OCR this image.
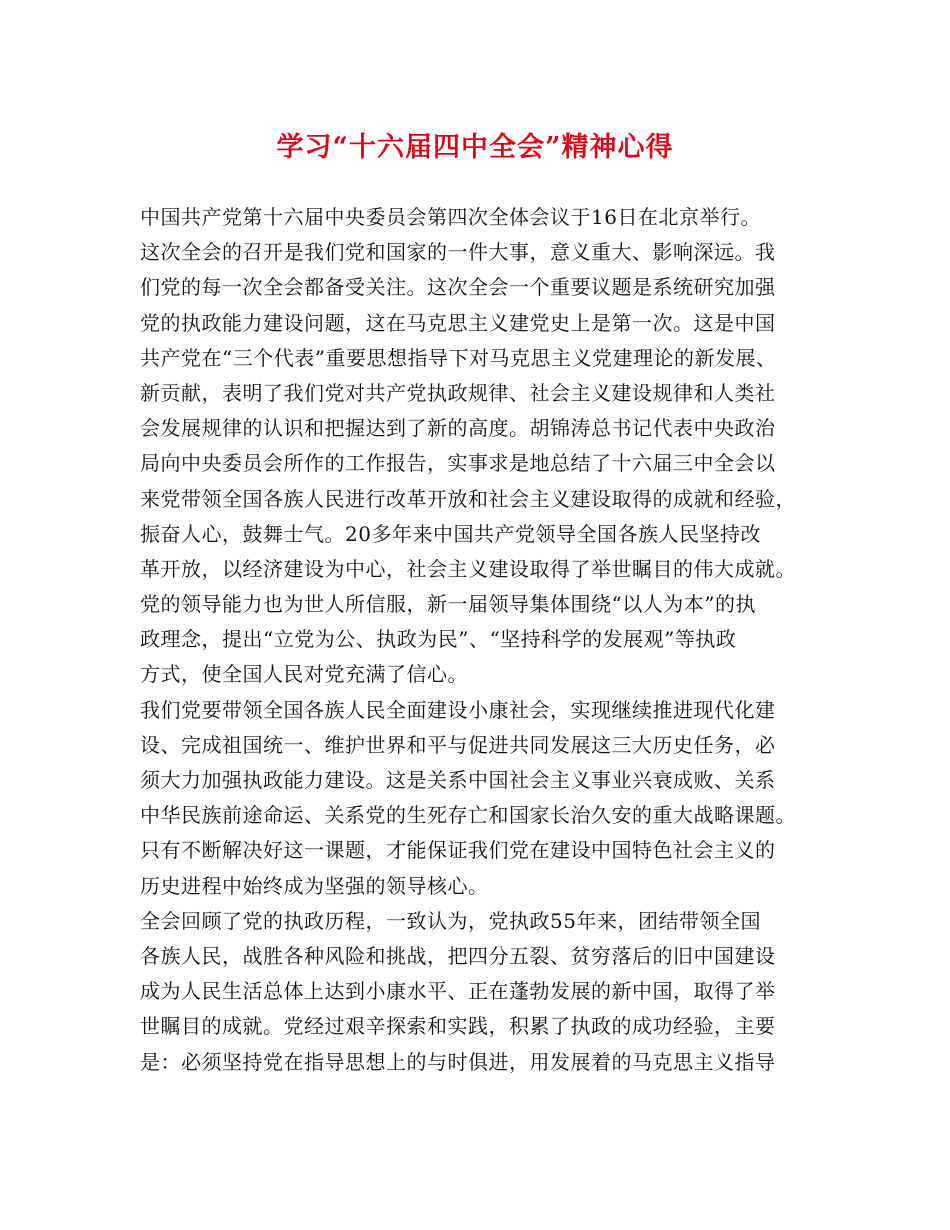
学习“十六届四中全会”精神心得
中国共产党第十六届中央委员会第四次全体会议于16日在北京举行。
这次全会的召开是我们党和国家的一件大事，意义重大、影响深远。我
们党的每一次全会都备受关注。这次全会一个重要议题是系统研究加强
党的执政能力建设问题，这在马克思主义建党史上是第一次。这是中国
共产党在“三个代表”重要思想指导下对马克思主义党建理论的新发展、
新贡献，表明了我们党对共产党执政规律、社会主义建设规律和人类社
会发展规律的认识和把握达到了新的高度。胡锦涛总书记代表中央政治
局向中央委员会所作的工作报告，实事求是地总结了十六届三中全会以
来党带领全国各族人民进行改革开放和社会主义建设取得的成就和经验，
振奋人心，鼓舞士气。20多年来中国共产党领导全国各族人民坚持改
革开放，以经济建设为中心，社会主义建设取得了举世瞩目的伟大成就。
党的领导能力也为世人所信服，新一届领导集体围绕“以人为本”的执
政理念，提出“立党为公、执政为民”、“坚持科学的发展观”等执政
方式，使全国人民对党充满了信心。
我们党要带领全国各族人民全面建设小康社会，实现继续推进现代化建
设、完成祖国统一、维护世界和平与促进共同发展这三大历史任务，必
须大力加强执政能力建设。这是关系中国社会主义事业兴衰成败、关系
中华民族前途命运、关系党的生死存亡和国家长治久安的重大战略课题。
只有不断解决好这一课题，才能保证我们党在建设中国特色社会主义的
历史进程中始终成为坚强的领导核心。
全会回顾了党的执政历程，一致认为，党执政55年来，团结带领全国
各族人民，战胜各种风险和挑战，把四分五裂、贫穷落后的旧中国建设
成为人民生活总体上达到小康水平、正在蓬勃发展的新中国，取得了举
世瞩目的成就。党经过艰辛探索和实践，积累了执政的成功经验，主要
是：必须坚持党在指导思想上的与时俱进，用发展着的马克思主义指导
